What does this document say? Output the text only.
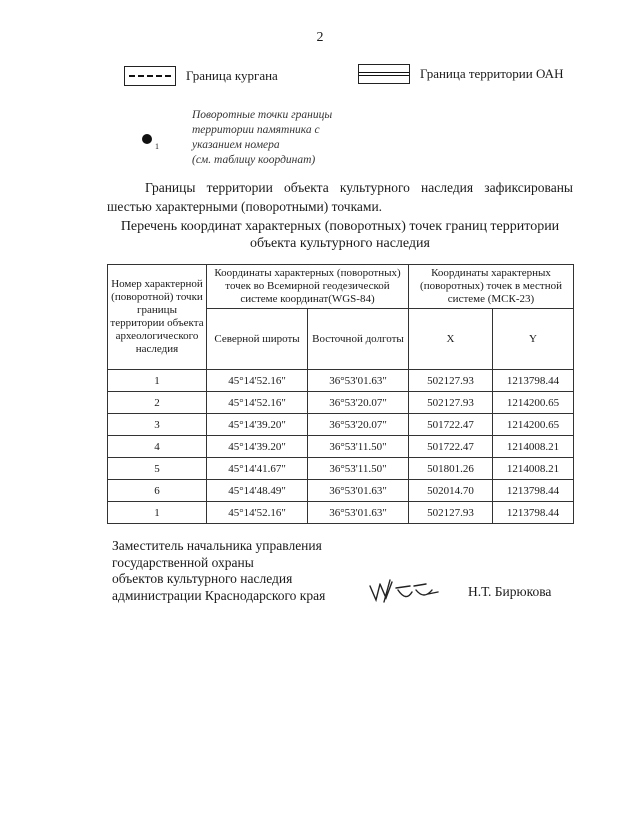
2
Граница кургана	Граница территории ОАН
1
Поворотные точки границы
территории памятника с
указанием номера
(см. таблицу координат)
Границы территории объекта культурного наследия зафиксированы шестью характерными (поворотными) точками.
Перечень координат характерных (поворотных) точек границ территории
объекта культурного наследия
Номер характерной (поворотной) точки границы территории объекта археологического наследия	Координаты характерных (поворотных) точек во Всемирной геодезической системе координат(WGS-84)		Координаты характерных (поворотных) точек в местной системе (МСК-23)	
	Северной широты	Восточной долготы	X	Y
1	45°14'52.16"	36°53'01.63"	502127.93	1213798.44
2	45°14'52.16"	36°53'20.07"	502127.93	1214200.65
3	45°14'39.20"	36°53'20.07"	501722.47	1214200.65
4	45°14'39.20"	36°53'11.50"	501722.47	1214008.21
5	45°14'41.67"	36°53'11.50"	501801.26	1214008.21
6	45°14'48.49"	36°53'01.63"	502014.70	1213798.44
1	45°14'52.16"	36°53'01.63"	502127.93	1213798.44
Заместитель начальника управления
государственной охраны
объектов культурного наследия
администрации Краснодарского края	Н.Т. Бирюкова
